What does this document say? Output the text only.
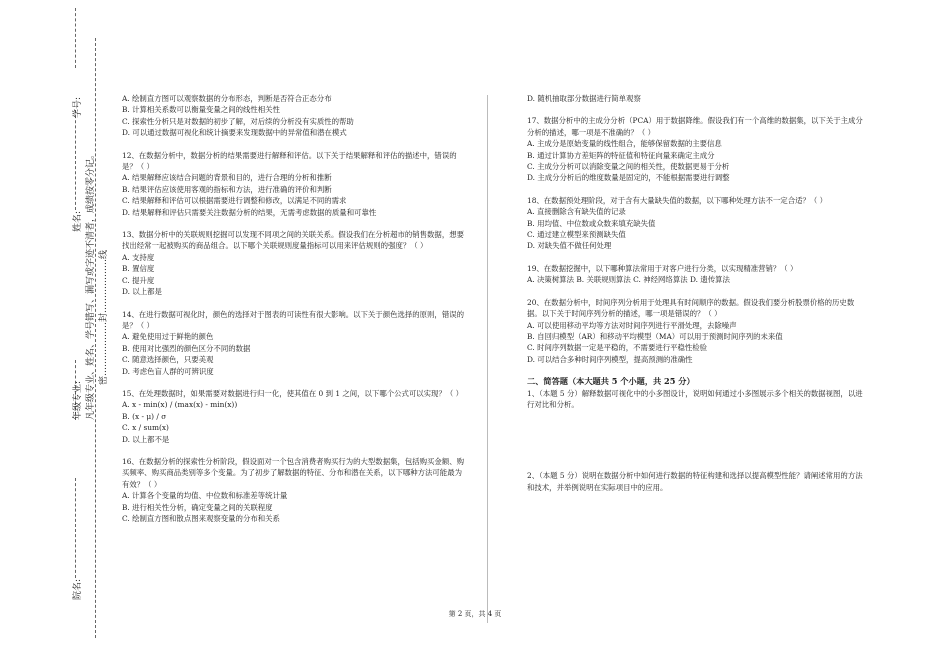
学号:
姓名:
年级专业:
院名:
凡年级专业、姓名、学号错写、漏写或字迹不清者，成绩按零分记。 密………………封………………线

A. 绘制直方图可以观察数据的分布形态，判断是否符合正态分布

B. 计算相关系数可以衡量变量之间的线性相关性

C. 探索性分析只是对数据的初步了解，对后续的分析没有实质性的帮助

D. 可以通过数据可视化和统计摘要来发现数据中的异常值和潜在模式

12、在数据分析中，数据分析的结果需要进行解释和评估。以下关于结果解释和评估的描述中，错误的是？（ ）

A. 结果解释应该结合问题的背景和目的，进行合理的分析和推断

B. 结果评估应该使用客观的指标和方法，进行准确的评价和判断

C. 结果解释和评估可以根据需要进行调整和修改，以满足不同的需求

D. 结果解释和评估只需要关注数据分析的结果，无需考虑数据的质量和可靠性

13、数据分析中的关联规则挖掘可以发现不同项之间的关联关系。假设我们在分析超市的销售数据，想要找出经常一起被购买的商品组合。以下哪个关联规则度量指标可以用来评估规则的强度？（ ）

A. 支持度

B. 置信度

C. 提升度

D. 以上都是

14、在进行数据可视化时，颜色的选择对于图表的可读性有很大影响。以下关于颜色选择的原则，错误的是？（ ）

A. 避免使用过于鲜艳的颜色

B. 使用对比强烈的颜色区分不同的数据

C. 随意选择颜色，只要美观

D. 考虑色盲人群的可辨识度

15、在处理数据时，如果需要对数据进行归一化，使其值在 0 到 1 之间，以下哪个公式可以实现？（ ）

A. x - min(x) / (max(x) - min(x))

B. (x - μ) / σ

C. x / sum(x)

D. 以上都不是

16、在数据分析的探索性分析阶段，假设面对一个包含消费者购买行为的大型数据集，包括购买金额、购买频率、购买商品类别等多个变量。为了初步了解数据的特征、分布和潜在关系，以下哪种方法可能最为有效？（ ）

A. 计算各个变量的均值、中位数和标准差等统计量

B. 进行相关性分析，确定变量之间的关联程度

C. 绘制直方图和散点图来观察变量的分布和关系

D. 随机抽取部分数据进行简单观察

17、数据分析中的主成分分析（PCA）用于数据降维。假设我们有一个高维的数据集，以下关于主成分分析的描述，哪一项是不准确的？（ ）

A. 主成分是原始变量的线性组合，能够保留数据的主要信息

B. 通过计算协方差矩阵的特征值和特征向量来确定主成分

C. 主成分分析可以消除变量之间的相关性，使数据更易于分析

D. 主成分分析后的维度数量是固定的，不能根据需要进行调整

18、在数据预处理阶段，对于含有大量缺失值的数据，以下哪种处理方法不一定合适？（ ）

A. 直接删除含有缺失值的记录

B. 用均值、中位数或众数来填充缺失值

C. 通过建立模型来预测缺失值

D. 对缺失值不做任何处理

19、在数据挖掘中，以下哪种算法常用于对客户进行分类，以实现精准营销？（ ）

A. 决策树算法 B. 关联规则算法 C. 神经网络算法 D. 遗传算法

20、在数据分析中，时间序列分析用于处理具有时间顺序的数据。假设我们要分析股票价格的历史数据。以下关于时间序列分析的描述，哪一项是错误的？（ ）

A. 可以使用移动平均等方法对时间序列进行平滑处理，去除噪声

B. 自回归模型（AR）和移动平均模型（MA）可以用于预测时间序列的未来值

C. 时间序列数据一定是平稳的，不需要进行平稳性检验

D. 可以结合多种时间序列模型，提高预测的准确性

二、简答题（本大题共 5 个小题，共 25 分）

1、（本题 5 分）解释数据可视化中的小多图设计，说明如何通过小多图展示多个相关的数据视图，以进行对比和分析。

2、（本题 5 分）说明在数据分析中如何进行数据的特征构建和选择以提高模型性能？请阐述常用的方法和技术，并举例说明在实际项目中的应用。

第 2 页，共 4 页
